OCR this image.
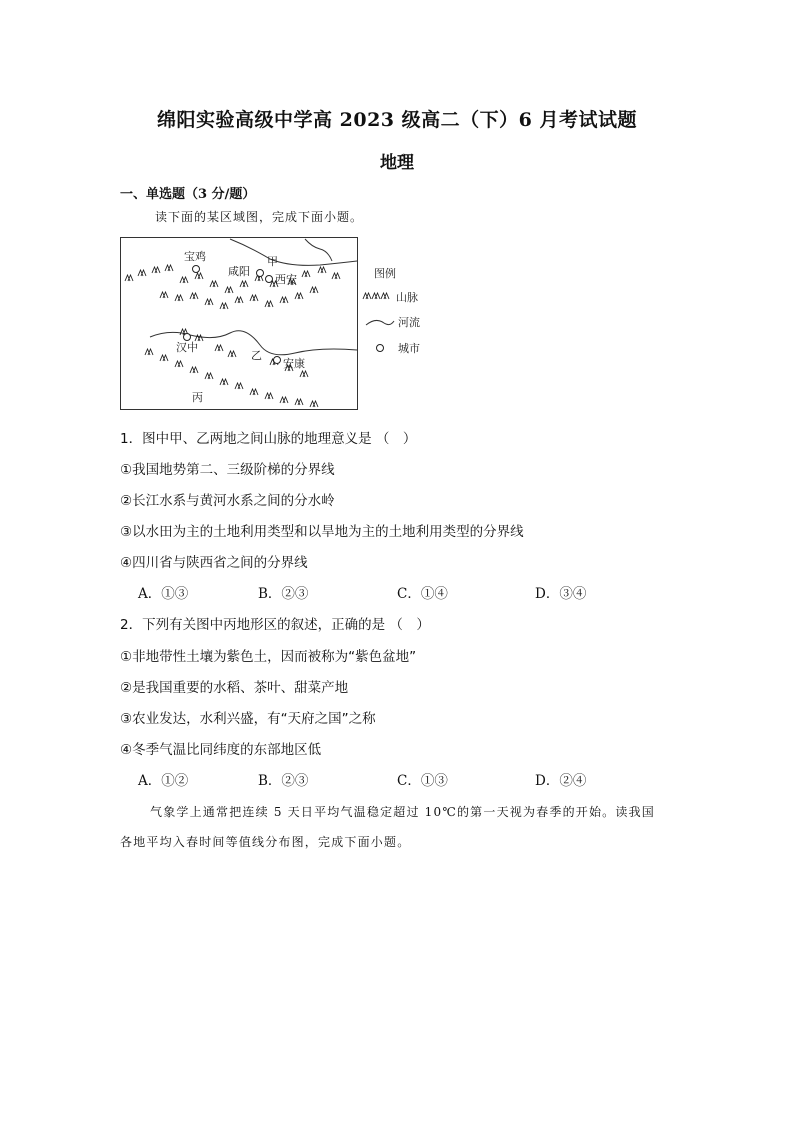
绵阳实验高级中学高 2023 级高二（下）6 月考试试题
地理
一、单选题（3 分/题）
读下面的某区域图，完成下面小题。
宝鸡	甲
咸阳
西安
汉中
乙
安康
丙
图例
山脉
河流
城市
1．图中甲、乙两地之间山脉的地理意义是 （　）
①我国地势第二、三级阶梯的分界线
②长江水系与黄河水系之间的分水岭
③以水田为主的土地利用类型和以旱地为主的土地利用类型的分界线
④四川省与陕西省之间的分界线
A．①③	B．②③	C．①④	D．③④
2．下列有关图中丙地形区的叙述，正确的是 （　）
①非地带性土壤为紫色土，因而被称为“紫色盆地”
②是我国重要的水稻、茶叶、甜菜产地
③农业发达，水利兴盛，有“天府之国”之称
④冬季气温比同纬度的东部地区低
A．①②	B．②③	C．①③	D．②④
气象学上通常把连续 5 天日平均气温稳定超过 10℃的第一天视为春季的开始。读我国
各地平均入春时间等值线分布图，完成下面小题。
